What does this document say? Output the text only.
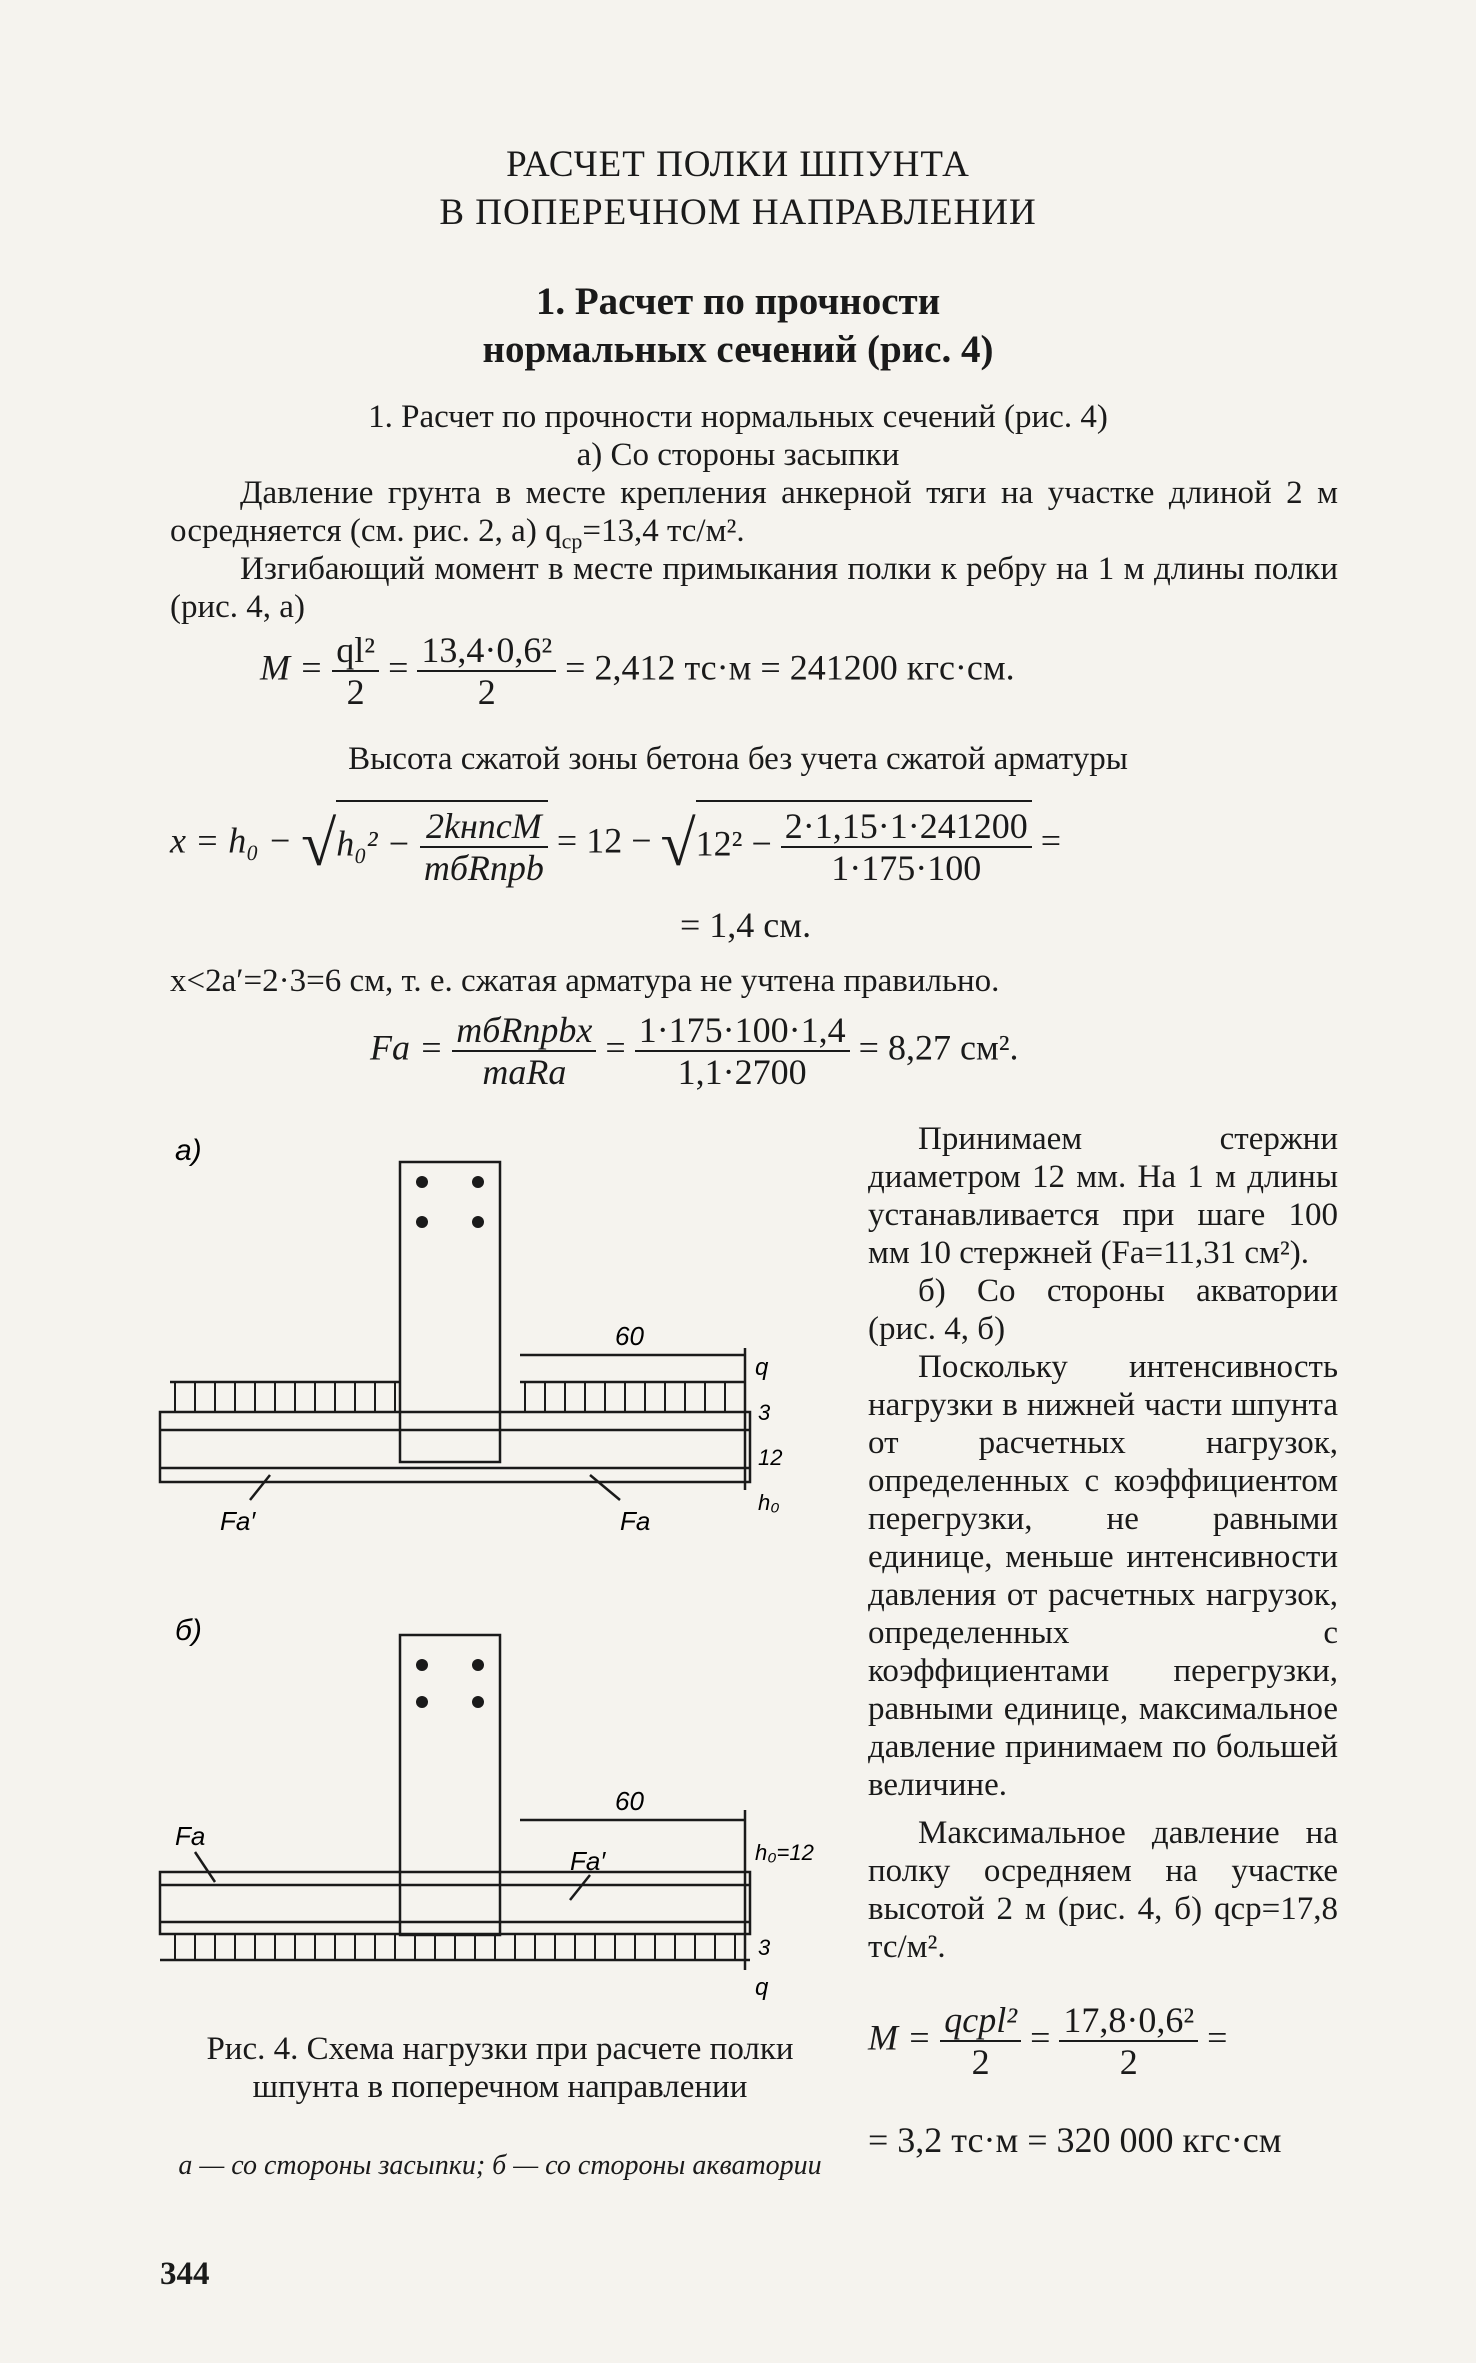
РАСЧЕТ ПОЛКИ ШПУНТА
В ПОПЕРЕЧНОМ НАПРАВЛЕНИИ
1. Расчет по прочности
нормальных сечений (рис. 4)
1. Расчет по прочности нормальных сечений (рис. 4)
а) Со стороны засыпки
Давление грунта в месте крепления анкерной тяги на участке длиной 2 м осредняется (см. рис. 2, а) $q_{ср}=13,4$ тс/м².
Изгибающий момент в месте примыкания полки к ребру на 1 м длины полки (рис. 4, а)
$M = \frac{\text{ql²}}{2} = \frac{\text{13,4·0,6²}}{2} = 2,412$ тс·м = 241200 кгс·см.
Высота сжатой зоны бетона без учета сжатой арматуры
$x = h_0 - √h_0^2 - \frac{\text{2kнncM}}{\text{mбRпрb}} = 12 - √12^2 - \frac{2\cdot 1,15\cdot 1\cdot 241200}{1\cdot 175\cdot 100}$ =
= 1,4 см.
x<2a′=2·3=6 см, т. е. сжатая арматура не учтена правильно.
Fа = $\frac{\text{mбRпрbx}}{\text{mаRа}} = \frac{1\cdot 175\cdot 100\cdot 1,4}{1,1\cdot 2700} = 8,27$ см².

Принимаем стержни диаметром 12 мм. На 1 м длины устанавливается при шаге 100 мм 10 стержней (Fа=11,31 см²).

б) Со стороны акватории (рис. 4, б)

Поскольку интенсивность нагрузки в нижней части шпунта от расчетных нагрузок, определенных с коэффициентом перегрузки, не равными единице, меньше интенсивности давления от расчетных нагрузок, определенных с коэффициентами перегрузки, равными единице, максимальное давление принимаем по большей величине.

Максимальное давление на полку осредняем на участке высотой 2 м (рис. 4, б) qср=17,8 тс/м².

$M = \frac{\text{qсрl²}}{2} = \frac{\text{17,8·0,6²}}{2}$ =
= 3,2 тс·м = 320 000 кгс·см
а)
б)
60
60
q
3
12
h₀
Fа′	Fа
h₀=12
3
q
Fа
Fа′
Рис. 4. Схема нагрузки при расчете полки шпунта в поперечном направлении
а — со стороны засыпки; б — со стороны акватории
344
